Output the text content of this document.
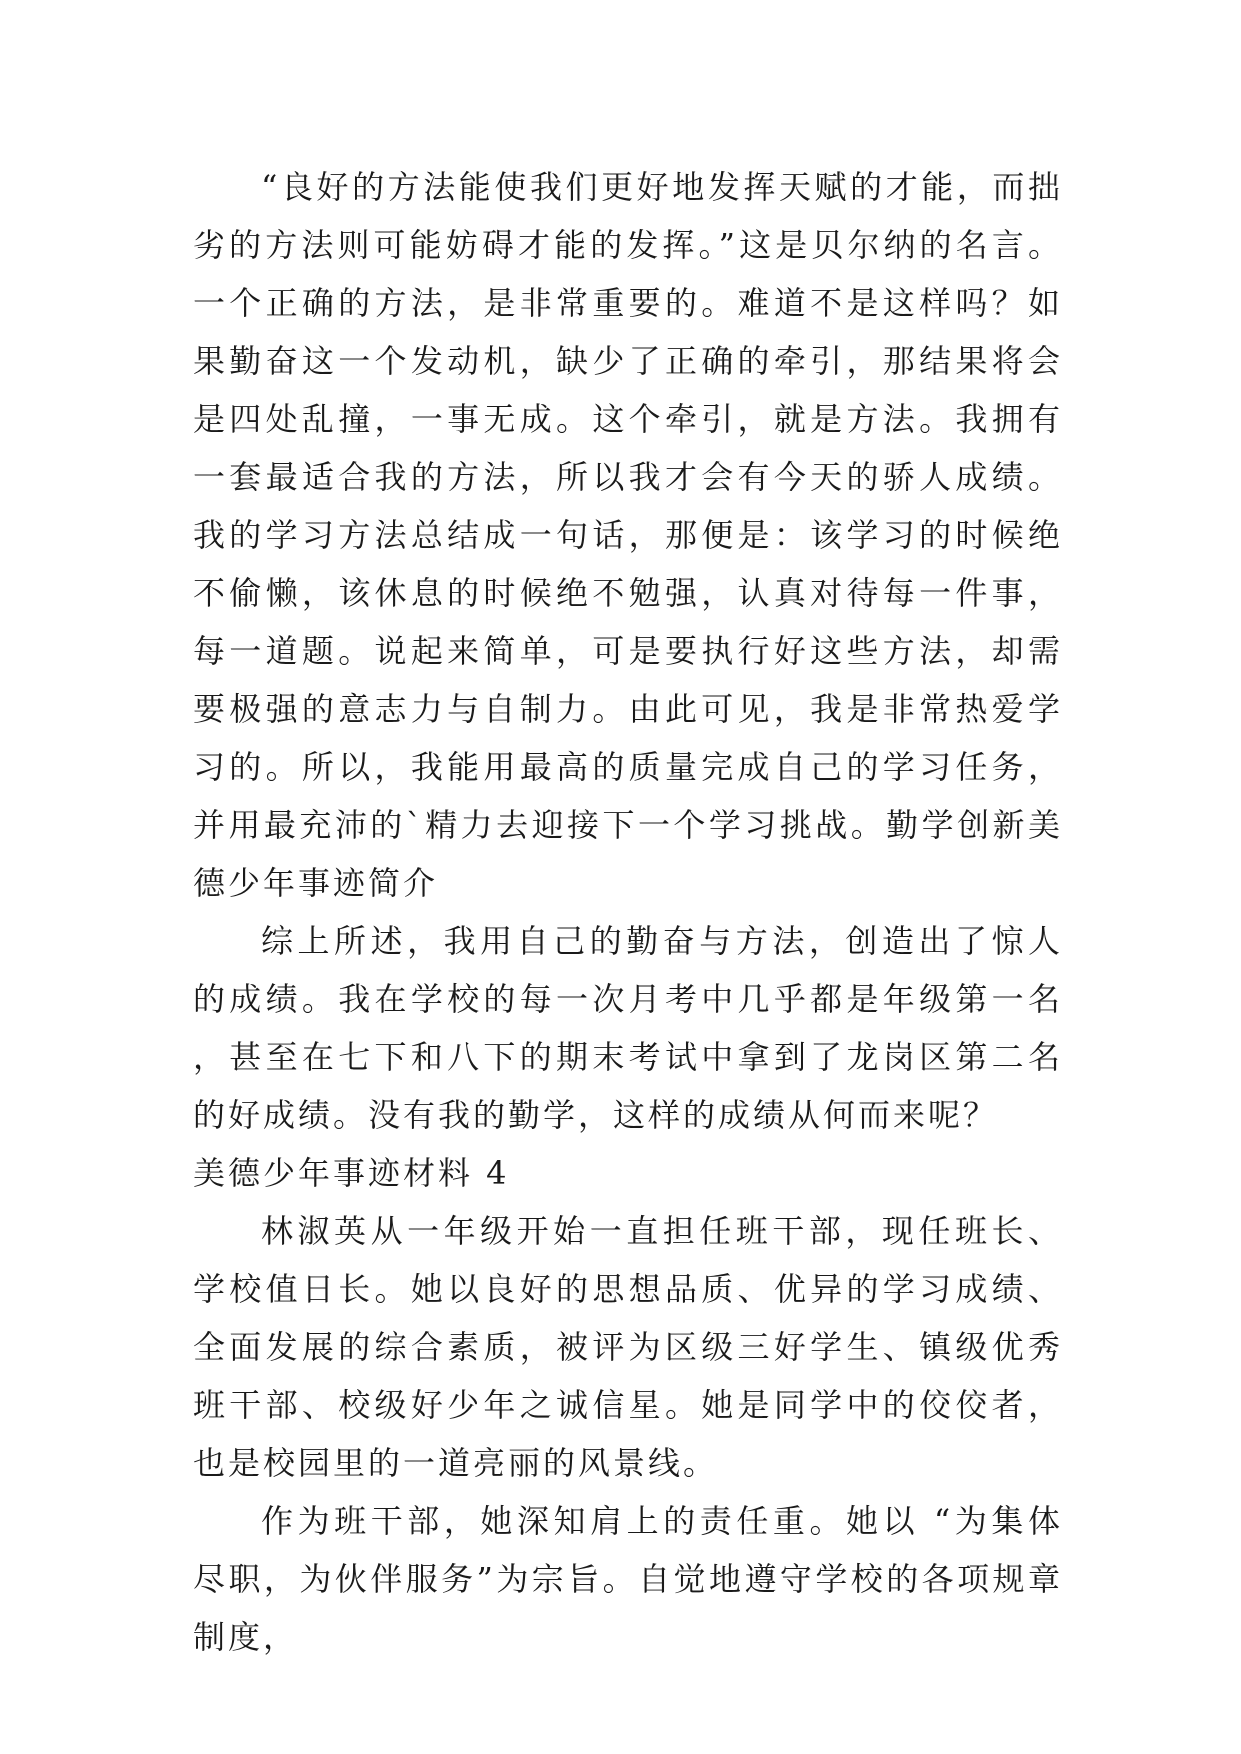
“良好的方法能使我们更好地发挥天赋的才能，而拙劣的方法则可能妨碍才能的发挥。”这是贝尔纳的名言。一个正确的方法，是非常重要的。难道不是这样吗？如果勤奋这一个发动机，缺少了正确的牵引，那结果将会是四处乱撞，一事无成。这个牵引，就是方法。我拥有一套最适合我的方法，所以我才会有今天的骄人成绩。我的学习方法总结成一句话，那便是：该学习的时候绝不偷懒，该休息的时候绝不勉强，认真对待每一件事，每一道题。说起来简单，可是要执行好这些方法，却需要极强的意志力与自制力。由此可见，我是非常热爱学习的。所以，我能用最高的质量完成自己的学习任务，并用最充沛的`精力去迎接下一个学习挑战。勤学创新美德少年事迹简介

综上所述，我用自己的勤奋与方法，创造出了惊人的成绩。我在学校的每一次月考中几乎都是年级第一名，甚至在七下和八下的期末考试中拿到了龙岗区第二名的好成绩。没有我的勤学，这样的成绩从何而来呢？

美德少年事迹材料 4

林淑英从一年级开始一直担任班干部，现任班长、学校值日长。她以良好的思想品质、优异的学习成绩、全面发展的综合素质，被评为区级三好学生、镇级优秀班干部、校级好少年之诚信星。她是同学中的佼佼者，也是校园里的一道亮丽的风景线。

作为班干部，她深知肩上的责任重。她以 “为集体尽职，为伙伴服务”为宗旨。自觉地遵守学校的各项规章制度，
